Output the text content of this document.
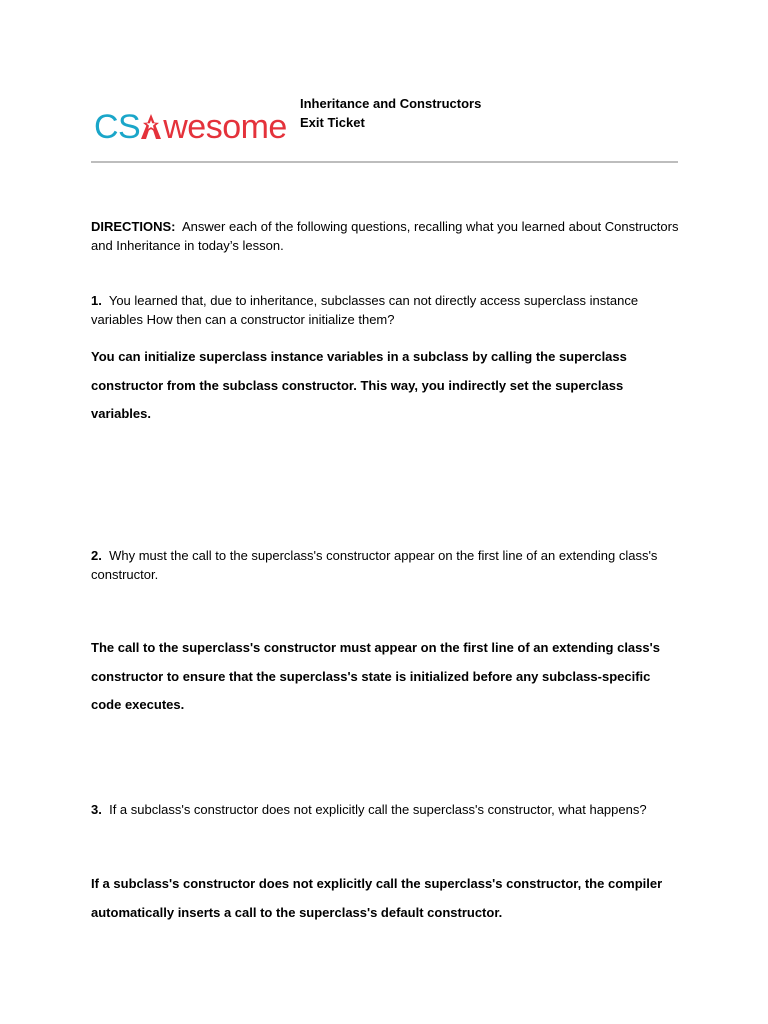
CS wesome
Inheritance and Constructors
Exit Ticket
DIRECTIONS: Answer each of the following questions, recalling what you learned about Constructors and Inheritance in today’s lesson.
1. You learned that, due to inheritance, subclasses can not directly access superclass instance variables How then can a constructor initialize them?
You can initialize superclass instance variables in a subclass by calling the superclass constructor from the subclass constructor. This way, you indirectly set the superclass variables.
2. Why must the call to the superclass's constructor appear on the first line of an extending class's constructor.
The call to the superclass's constructor must appear on the first line of an extending class's constructor to ensure that the superclass's state is initialized before any subclass-specific code executes.
3. If a subclass's constructor does not explicitly call the superclass's constructor, what happens?
If a subclass's constructor does not explicitly call the superclass's constructor, the compiler automatically inserts a call to the superclass's default constructor.
